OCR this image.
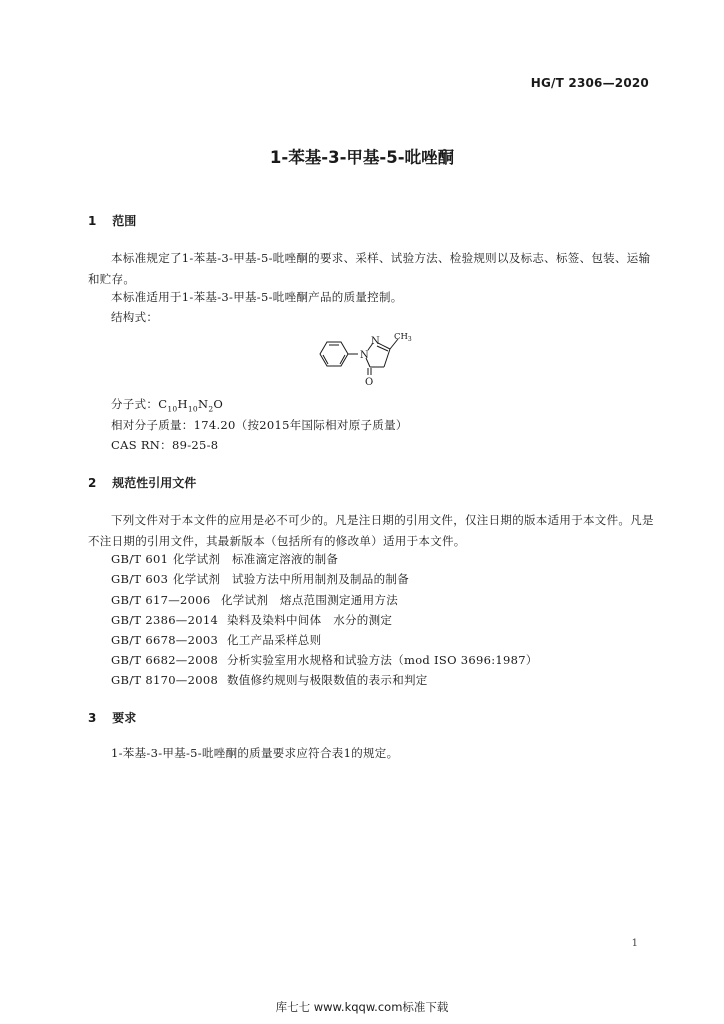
HG/T 2306—2020
1-苯基-3-甲基-5-吡唑酮
1 范围
本标准规定了1-苯基-3-甲基-5-吡唑酮的要求、采样、试验方法、检验规则以及标志、标签、包装、运输和贮存。
本标准适用于1-苯基-3-甲基-5-吡唑酮产品的质量控制。
结构式：
N
N
O
$CH_3$
分子式：$C_{10}H_{10}N_2O$
相对分子质量：174.20（按2015年国际相对原子质量）
CAS RN：89-25-8
2 规范性引用文件
下列文件对于本文件的应用是必不可少的。凡是注日期的引用文件，仅注日期的版本适用于本文件。凡是不注日期的引用文件，其最新版本（包括所有的修改单）适用于本文件。
GB/T 601 化学试剂　标准滴定溶液的制备
GB/T 603 化学试剂　试验方法中所用制剂及制品的制备
GB/T 617—2006 化学试剂　熔点范围测定通用方法
GB/T 2386—2014 染料及染料中间体　水分的测定
GB/T 6678—2003 化工产品采样总则
GB/T 6682—2008 分析实验室用水规格和试验方法（mod ISO 3696:1987）
GB/T 8170—2008 数值修约规则与极限数值的表示和判定
3 要求
1-苯基-3-甲基-5-吡唑酮的质量要求应符合表1的规定。
1
库七七 www.kqqw.com标准下载
